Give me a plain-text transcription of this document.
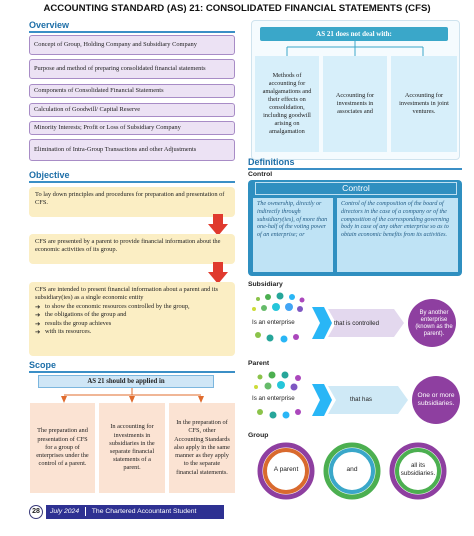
ACCOUNTING STANDARD (AS) 21: CONSOLIDATED FINANCIAL STATEMENTS (CFS)
Overview
Concept of Group, Holding Company and Subsidiary Company
Purpose and method of preparing consolidated financial statements
Components of Consolidated Financial Statements
Calculation of Goodwill/ Capital Reserve
Minority Interests; Profit or Loss of Subsidiary Company
Elimination of Intra-Group Transactions and other Adjustments
Objective
To lay down principles and procedures for preparation and presentation of CFS.
CFS are presented by a parent to provide financial information about the economic activities of its group.
CFS are intended to present financial information about a parent and its subsidiary(ies) as a single economic entity
➔ to show the economic resources controlled by the group,
➔ the obligations of the group and
➔ results the group achieves
➔ with its resources.
Scope
AS 21 should be applied in
The preparation and presentation of CFS for a group of enterprises under the control of a parent.
In accounting for investments in subsidiaries in the separate financial statements of a parent.
In the preparation of CFS, other Accounting Standards also apply in the same manner as they apply to the separate financial statements.
AS 21 does not deal with:
Methods of accounting for amalgamations and their effects on consolidation, including goodwill arising on amalgamation
Accounting for investments in associates and
Accounting for investments in joint ventures.
Definitions
Control
Control
The ownership, directly or indirectly through subsidiary(ies), of more than one-half of the voting power of an enterprise; or
Control of the composition of the board of directors in the case of a company or of the composition of the corresponding governing body in case of any other enterprise so as to obtain economic benefits from its activities.
Subsidiary
Is an enterprise	that is controlled
By another enterprise (known as the parent).
Parent
Is an enterprise	that has
One or more subsidiaries.
Group
A parent	and
all its subsidiaries.
28	July 2024 The Chartered Accountant Student
